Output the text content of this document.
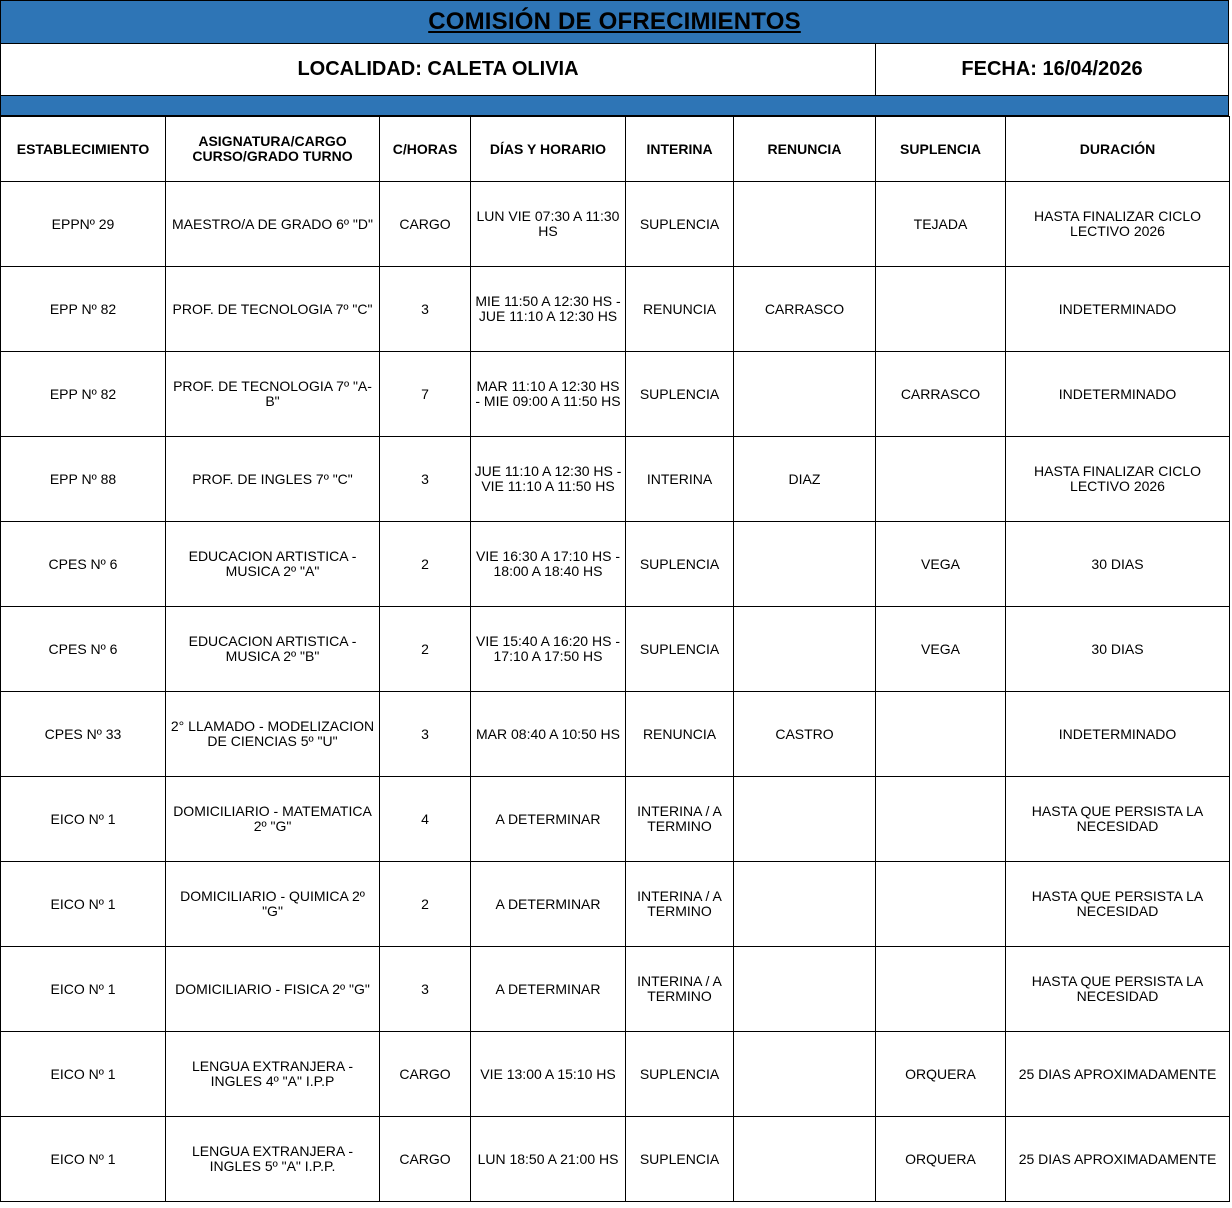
COMISIÓN DE OFRECIMIENTOS
LOCALIDAD: CALETA OLIVIA	FECHA: 16/04/2026
ESTABLECIMIENTO	ASIGNATURA/CARGO CURSO/GRADO TURNO	C/HORAS	DÍAS Y HORARIO	INTERINA	RENUNCIA	SUPLENCIA	DURACIÓN
EPPNº 29	MAESTRO/A DE GRADO 6º "D"	CARGO	LUN VIE 07:30 A 11:30 HS	SUPLENCIA		TEJADA	HASTA FINALIZAR CICLO LECTIVO 2026
EPP Nº 82	PROF. DE TECNOLOGIA 7º "C"	3	MIE 11:50 A 12:30 HS - JUE 11:10 A 12:30 HS	RENUNCIA	CARRASCO		INDETERMINADO
EPP Nº 82	PROF. DE TECNOLOGIA 7º "A-B"	7	MAR 11:10 A 12:30 HS - MIE 09:00 A 11:50 HS	SUPLENCIA		CARRASCO	INDETERMINADO
EPP Nº 88	PROF. DE INGLES 7º "C"	3	JUE 11:10 A 12:30 HS - VIE 11:10 A 11:50 HS	INTERINA	DIAZ		HASTA FINALIZAR CICLO LECTIVO 2026
CPES Nº 6	EDUCACION ARTISTICA - MUSICA 2º "A"	2	VIE 16:30 A 17:10 HS - 18:00 A 18:40 HS	SUPLENCIA		VEGA	30 DIAS
CPES Nº 6	EDUCACION ARTISTICA - MUSICA 2º "B"	2	VIE 15:40 A 16:20 HS - 17:10 A 17:50 HS	SUPLENCIA		VEGA	30 DIAS
CPES Nº 33	2° LLAMADO - MODELIZACION DE CIENCIAS 5º "U"	3	MAR 08:40 A 10:50 HS	RENUNCIA	CASTRO		INDETERMINADO
EICO Nº 1	DOMICILIARIO - MATEMATICA 2º "G"	4	A DETERMINAR	INTERINA / A TERMINO			HASTA QUE PERSISTA LA NECESIDAD
EICO Nº 1	DOMICILIARIO - QUIMICA 2º "G"	2	A DETERMINAR	INTERINA / A TERMINO			HASTA QUE PERSISTA LA NECESIDAD
EICO Nº 1	DOMICILIARIO - FISICA 2º "G"	3	A DETERMINAR	INTERINA / A TERMINO			HASTA QUE PERSISTA LA NECESIDAD
EICO Nº 1	LENGUA EXTRANJERA - INGLES 4º "A" I.P.P	CARGO	VIE 13:00 A 15:10 HS	SUPLENCIA		ORQUERA	25 DIAS APROXIMADAMENTE
EICO Nº 1	LENGUA EXTRANJERA - INGLES 5º "A" I.P.P.	CARGO	LUN 18:50 A 21:00 HS	SUPLENCIA		ORQUERA	25 DIAS APROXIMADAMENTE
